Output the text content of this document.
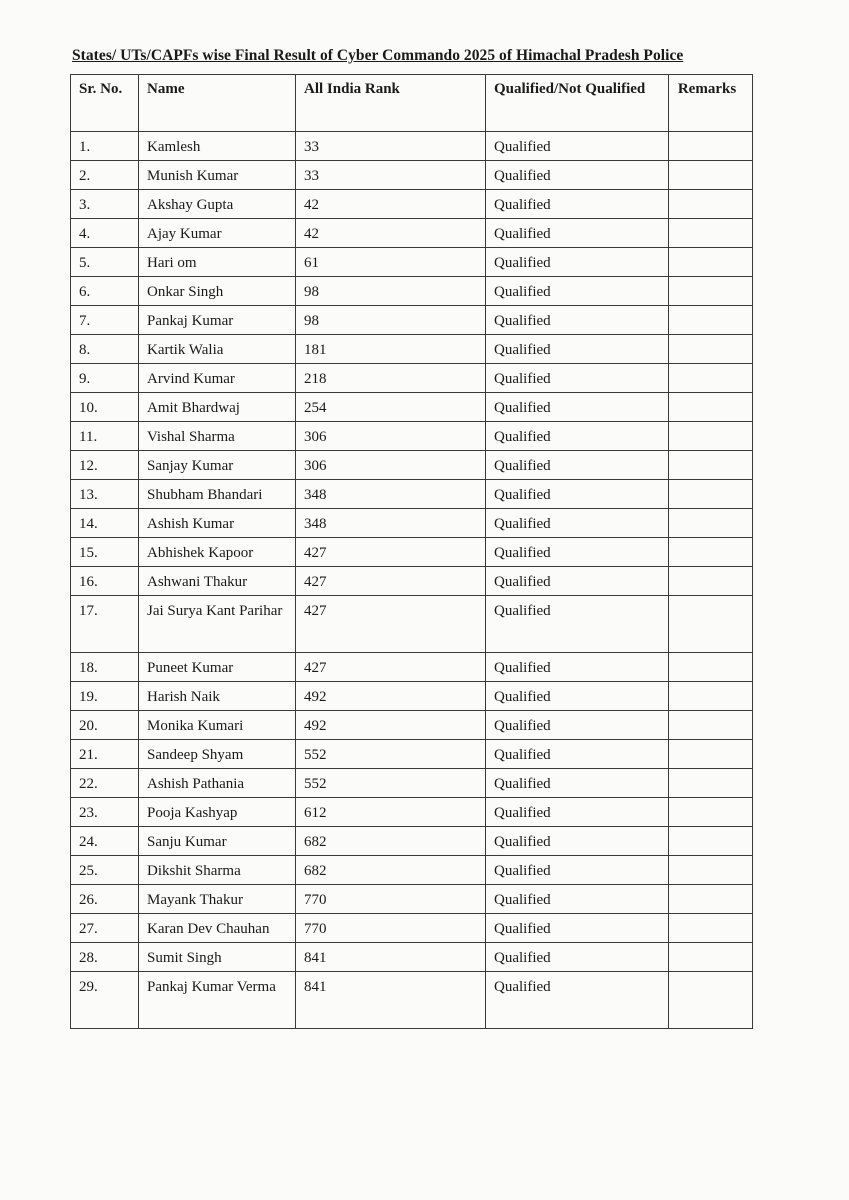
States/ UTs/CAPFs wise Final Result of Cyber Commando 2025 of Himachal Pradesh Police
Sr. No.	Name	All India Rank	Qualified/Not Qualified	Remarks
1.	Kamlesh	33	Qualified	
2.	Munish Kumar	33	Qualified	
3.	Akshay Gupta	42	Qualified	
4.	Ajay Kumar	42	Qualified	
5.	Hari om	61	Qualified	
6.	Onkar Singh	98	Qualified	
7.	Pankaj Kumar	98	Qualified	
8.	Kartik Walia	181	Qualified	
9.	Arvind Kumar	218	Qualified	
10.	Amit Bhardwaj	254	Qualified	
11.	Vishal Sharma	306	Qualified	
12.	Sanjay Kumar	306	Qualified	
13.	Shubham Bhandari	348	Qualified	
14.	Ashish Kumar	348	Qualified	
15.	Abhishek Kapoor	427	Qualified	
16.	Ashwani Thakur	427	Qualified	
17.	Jai Surya Kant Parihar	427	Qualified	
18.	Puneet Kumar	427	Qualified	
19.	Harish Naik	492	Qualified	
20.	Monika Kumari	492	Qualified	
21.	Sandeep Shyam	552	Qualified	
22.	Ashish Pathania	552	Qualified	
23.	Pooja Kashyap	612	Qualified	
24.	Sanju Kumar	682	Qualified	
25.	Dikshit Sharma	682	Qualified	
26.	Mayank Thakur	770	Qualified	
27.	Karan Dev Chauhan	770	Qualified	
28.	Sumit Singh	841	Qualified	
29.	Pankaj Kumar Verma	841	Qualified	
